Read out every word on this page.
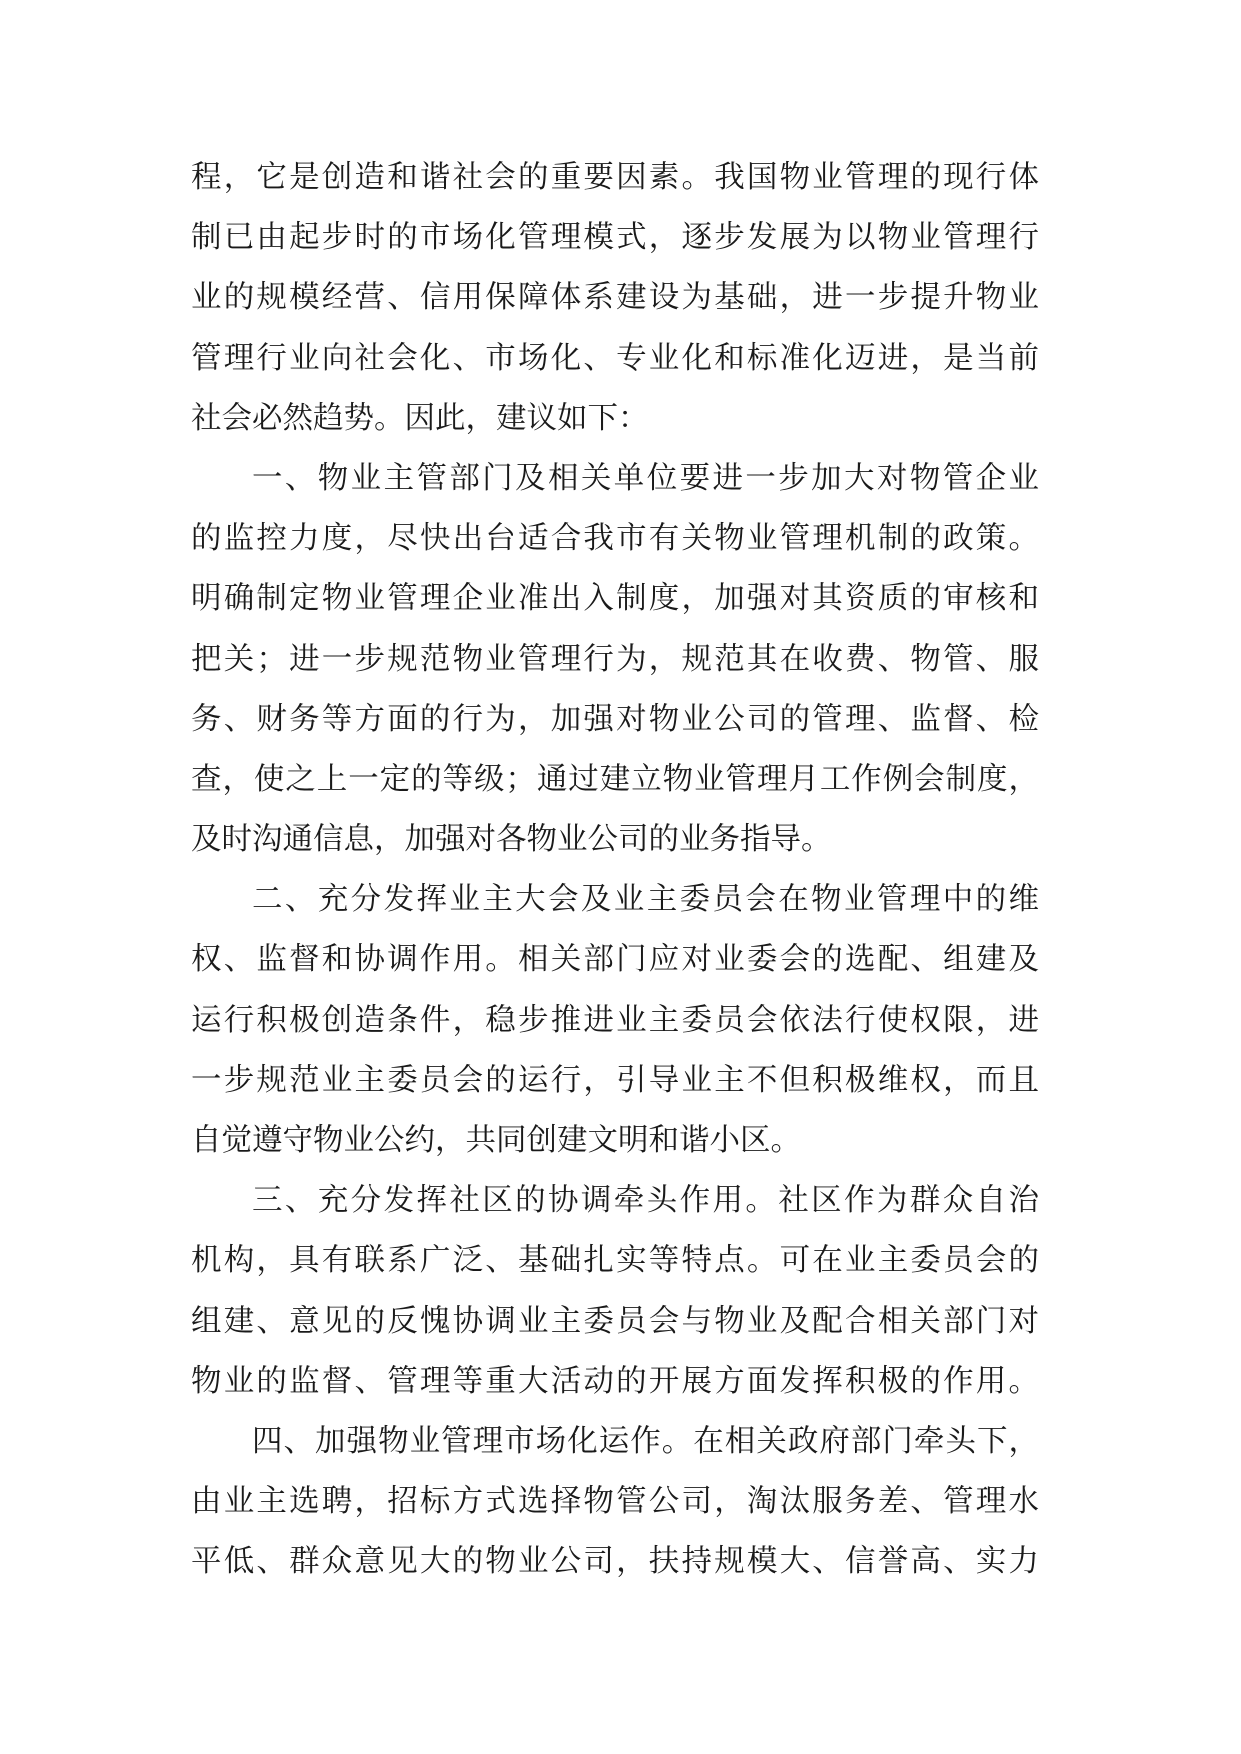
程，它是创造和谐社会的重要因素。我国物业管理的现行体
制已由起步时的市场化管理模式，逐步发展为以物业管理行
业的规模经营、信用保障体系建设为基础，进一步提升物业
管理行业向社会化、市场化、专业化和标准化迈进，是当前
社会必然趋势。因此，建议如下：
一、物业主管部门及相关单位要进一步加大对物管企业
的监控力度，尽快出台适合我市有关物业管理机制的政策。
明确制定物业管理企业准出入制度，加强对其资质的审核和
把关；进一步规范物业管理行为，规范其在收费、物管、服
务、财务等方面的行为，加强对物业公司的管理、监督、检
查，使之上一定的等级；通过建立物业管理月工作例会制度，
及时沟通信息，加强对各物业公司的业务指导。
二、充分发挥业主大会及业主委员会在物业管理中的维
权、监督和协调作用。相关部门应对业委会的选配、组建及
运行积极创造条件，稳步推进业主委员会依法行使权限，进
一步规范业主委员会的运行，引导业主不但积极维权，而且
自觉遵守物业公约，共同创建文明和谐小区。
三、充分发挥社区的协调牵头作用。社区作为群众自治
机构，具有联系广泛、基础扎实等特点。可在业主委员会的
组建、意见的反愧协调业主委员会与物业及配合相关部门对
物业的监督、管理等重大活动的开展方面发挥积极的作用。
四、加强物业管理市场化运作。在相关政府部门牵头下，
由业主选聘，招标方式选择物管公司，淘汰服务差、管理水
平低、群众意见大的物业公司，扶持规模大、信誉高、实力
